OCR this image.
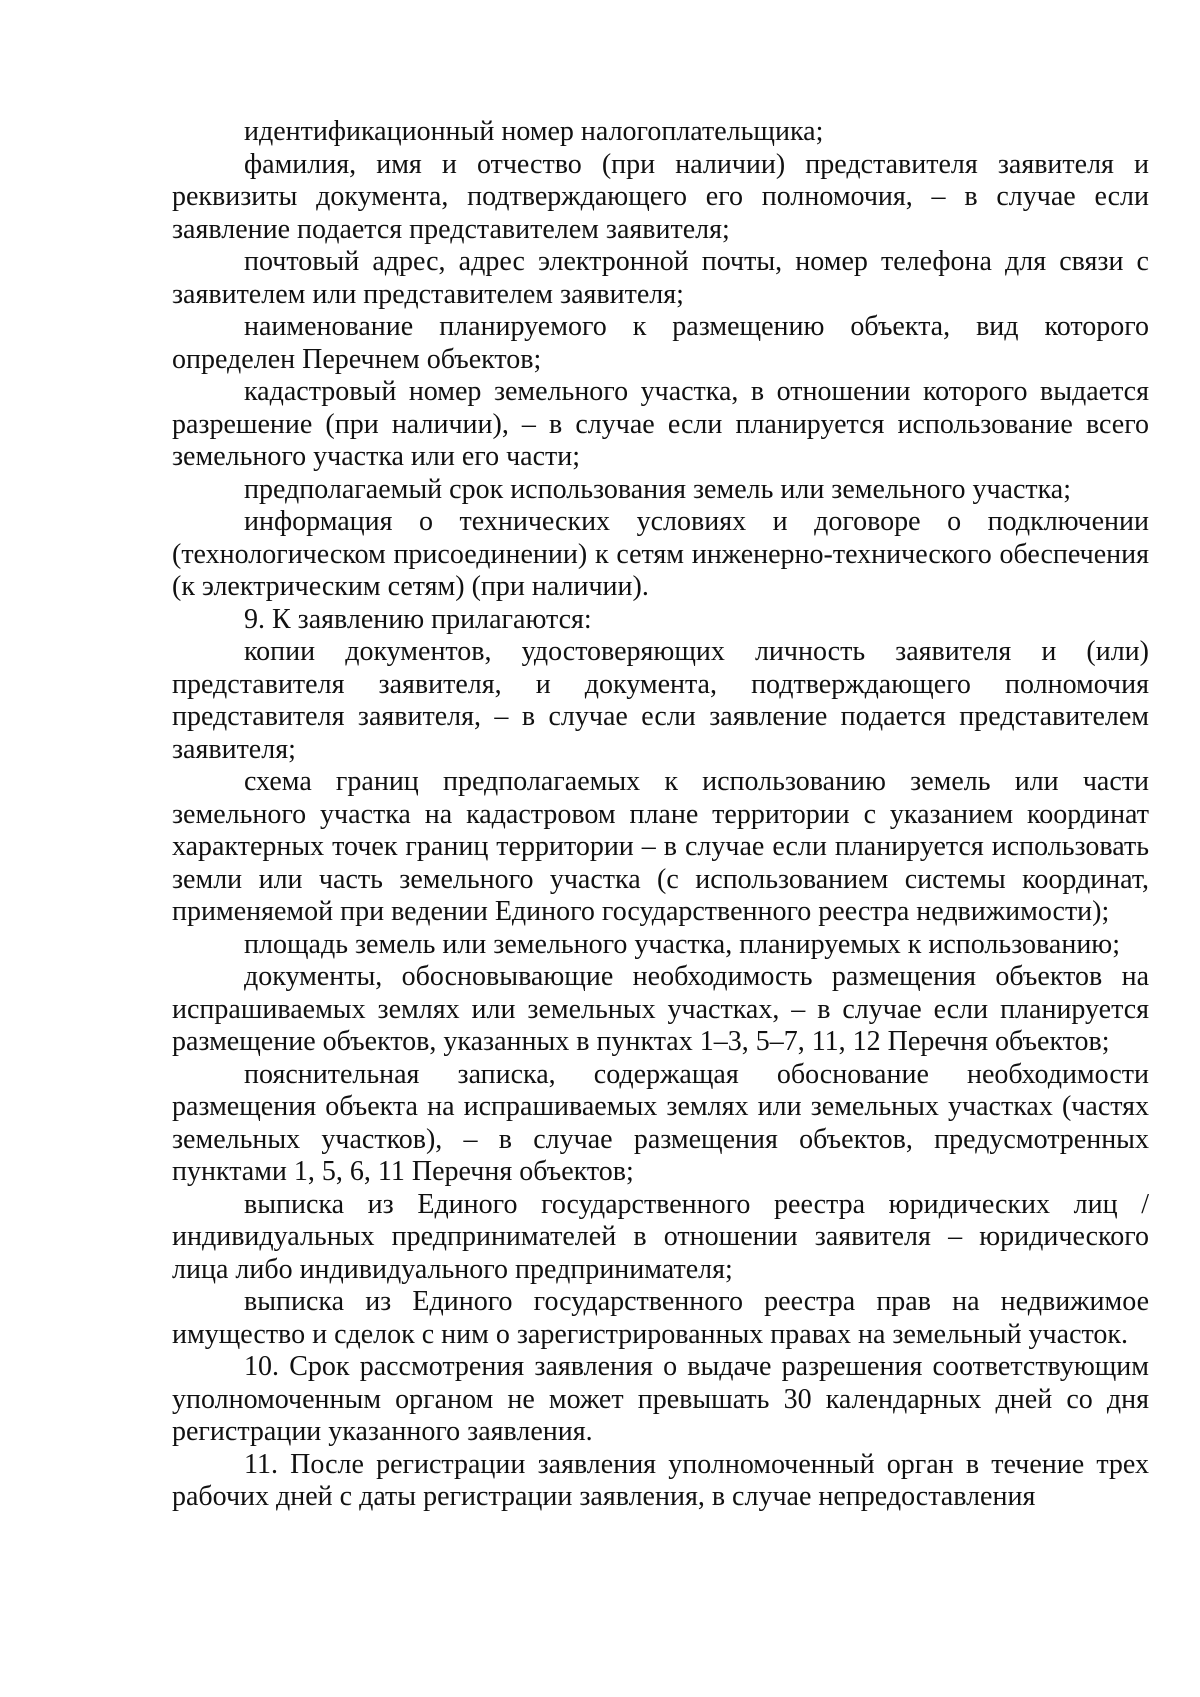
идентификационный номер налогоплательщика;

фамилия, имя и отчество (при наличии) представителя заявителя и реквизиты документа, подтверждающего его полномочия, – в случае если заявление подается представителем заявителя;

почтовый адрес, адрес электронной почты, номер телефона для связи с заявителем или представителем заявителя;

наименование планируемого к размещению объекта, вид которого определен Перечнем объектов;

кадастровый номер земельного участка, в отношении которого выдается разрешение (при наличии), – в случае если планируется использование всего земельного участка или его части;

предполагаемый срок использования земель или земельного участка;

информация о технических условиях и договоре о подключении (технологическом присоединении) к сетям инженерно-технического обеспечения (к электрическим сетям) (при наличии).

9. К заявлению прилагаются:

копии документов, удостоверяющих личность заявителя и (или) представителя заявителя, и документа, подтверждающего полномочия представителя заявителя, – в случае если заявление подается представителем заявителя;

схема границ предполагаемых к использованию земель или части земельного участка на кадастровом плане территории с указанием координат характерных точек границ территории – в случае если планируется использовать земли или часть земельного участка (с использованием системы координат, применяемой при ведении Единого государственного реестра недвижимости);

площадь земель или земельного участка, планируемых к использованию;

документы, обосновывающие необходимость размещения объектов на испрашиваемых землях или земельных участках, – в случае если планируется размещение объектов, указанных в пунктах 1–3, 5–7, 11, 12 Перечня объектов;

пояснительная записка, содержащая обоснование необходимости размещения объекта на испрашиваемых землях или земельных участках (частях земельных участков), – в случае размещения объектов, предусмотренных пунктами 1, 5, 6, 11 Перечня объектов;

выписка из Единого государственного реестра юридических лиц / индивидуальных предпринимателей в отношении заявителя – юридического лица либо индивидуального предпринимателя;

выписка из Единого государственного реестра прав на недвижимое имущество и сделок с ним о зарегистрированных правах на земельный участок.

10. Срок рассмотрения заявления о выдаче разрешения соответствующим уполномоченным органом не может превышать 30 календарных дней со дня регистрации указанного заявления.

11. После регистрации заявления уполномоченный орган в течение трех рабочих дней с даты регистрации заявления, в случае непредоставления
